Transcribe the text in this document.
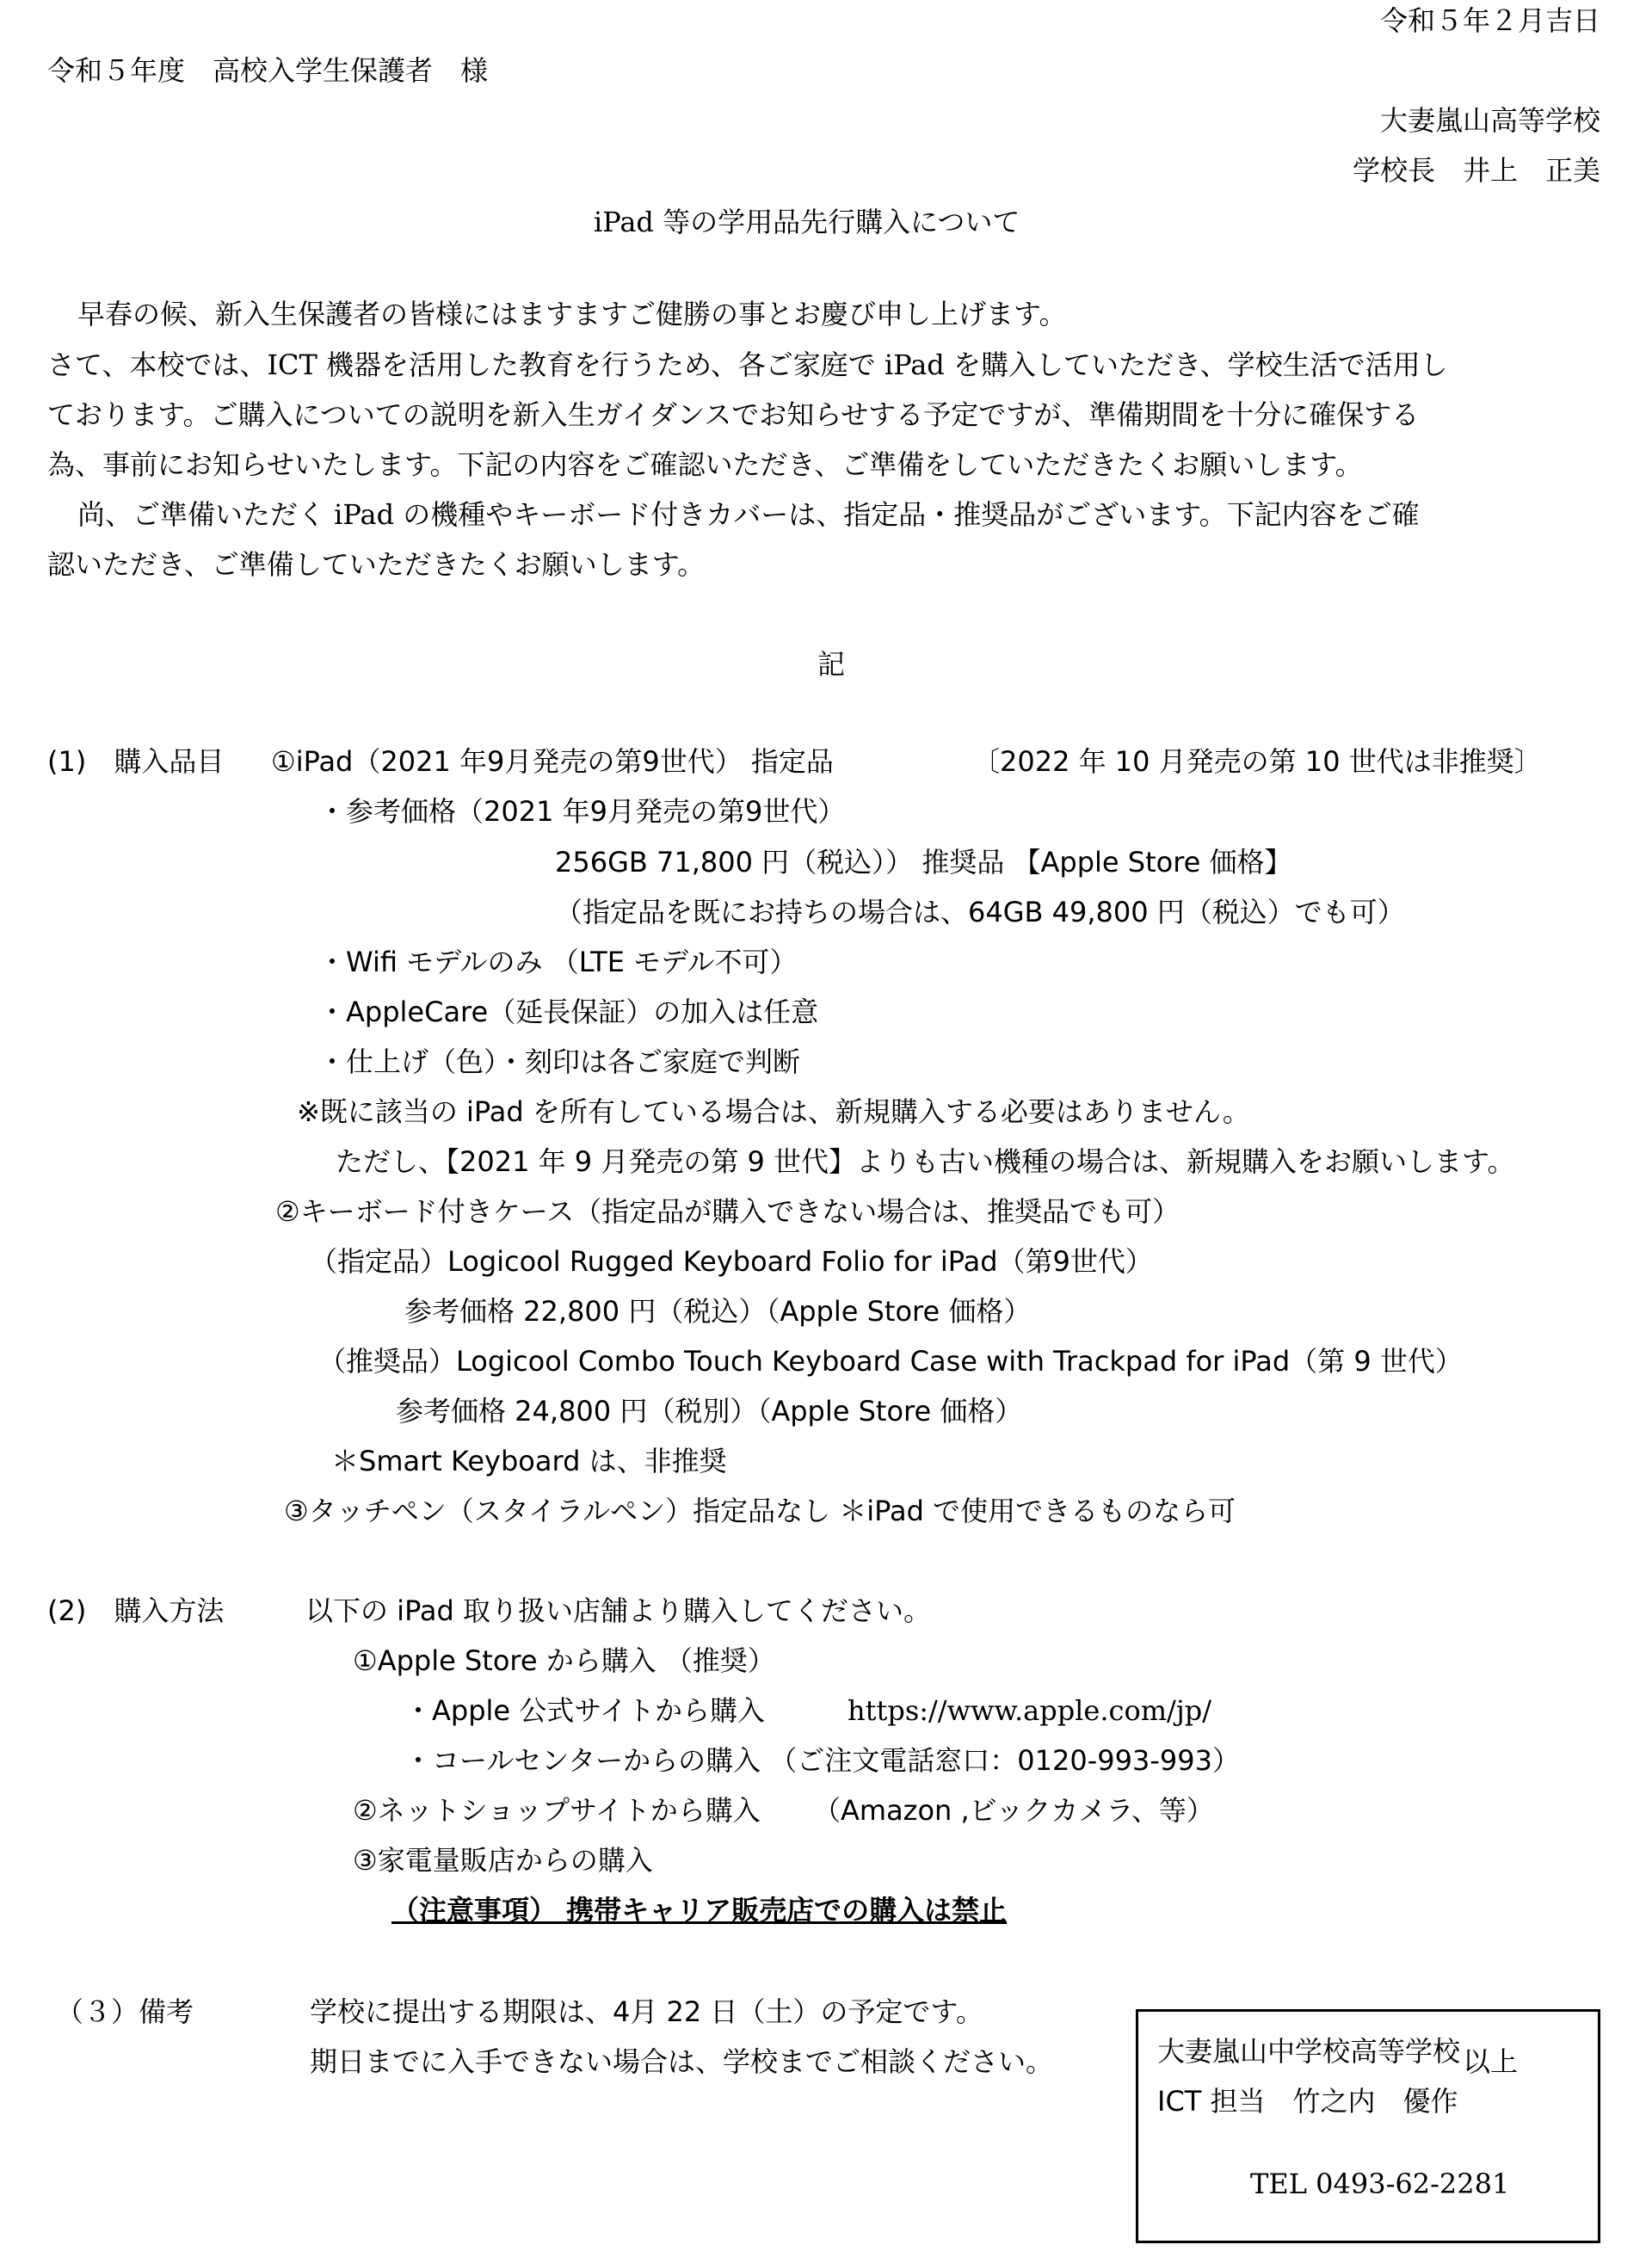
令和５年２月吉日
令和５年度　高校入学生保護者　様
大妻嵐山高等学校
学校長　井上　正美
iPad 等の学用品先行購入について
早春の候、新入生保護者の皆様にはますますご健勝の事とお慶び申し上げます。
さて、本校では、ICT 機器を活用した教育を行うため、各ご家庭で iPad を購入していただき、学校生活で活用し
ております。ご購入についての説明を新入生ガイダンスでお知らせする予定ですが、準備期間を十分に確保する
為、事前にお知らせいたします。下記の内容をご確認いただき、ご準備をしていただきたくお願いします。
尚、ご準備いただく iPad の機種やキーボード付きカバーは、指定品・推奨品がございます。下記内容をご確
認いただき、ご準備していただきたくお願いします。
記
(1)　購入品目 ①iPad（2021 年9月発売の第9世代） 指定品	〔2022 年 10 月発売の第 10 世代は非推奨〕
・参考価格（2021 年9月発売の第9世代）
256GB 71,800 円（税込）） 推奨品 【Apple Store 価格】
（指定品を既にお持ちの場合は、64GB 49,800 円（税込）でも可）
・Wifi モデルのみ （LTE モデル不可）
・AppleCare（延長保証）の加入は任意
・仕上げ（色）・刻印は各ご家庭で判断
※既に該当の iPad を所有している場合は、新規購入する必要はありません。
ただし、【2021 年 9 月発売の第 9 世代】よりも古い機種の場合は、新規購入をお願いします。
②キーボード付きケース（指定品が購入できない場合は、推奨品でも可）
（指定品）Logicool Rugged Keyboard Folio for iPad（第9世代）
参考価格 22,800 円（税込）（Apple Store 価格）
（推奨品）Logicool Combo Touch Keyboard Case with Trackpad for iPad（第 9 世代）
参考価格 24,800 円（税別）（Apple Store 価格）
＊Smart Keyboard は、非推奨
③タッチペン（スタイラルペン）指定品なし ＊iPad で使用できるものなら可
(2)　購入方法	以下の iPad 取り扱い店舗より購入してください。
①Apple Store から購入 （推奨）
・Apple 公式サイトから購入	https://www.apple.com/jp/
・コールセンターからの購入 （ご注文電話窓口：0120-993-993）
②ネットショップサイトから購入 （Amazon ,ビックカメラ、等）
③家電量販店からの購入
（注意事項） 携帯キャリア販売店での購入は禁止
（３）備考	学校に提出する期限は、4月 22 日（土）の予定です。
期日までに入手できない場合は、学校までご相談ください。	以上
大妻嵐山中学校高等学校
ICT 担当　竹之内　優作
TEL 0493-62-2281
